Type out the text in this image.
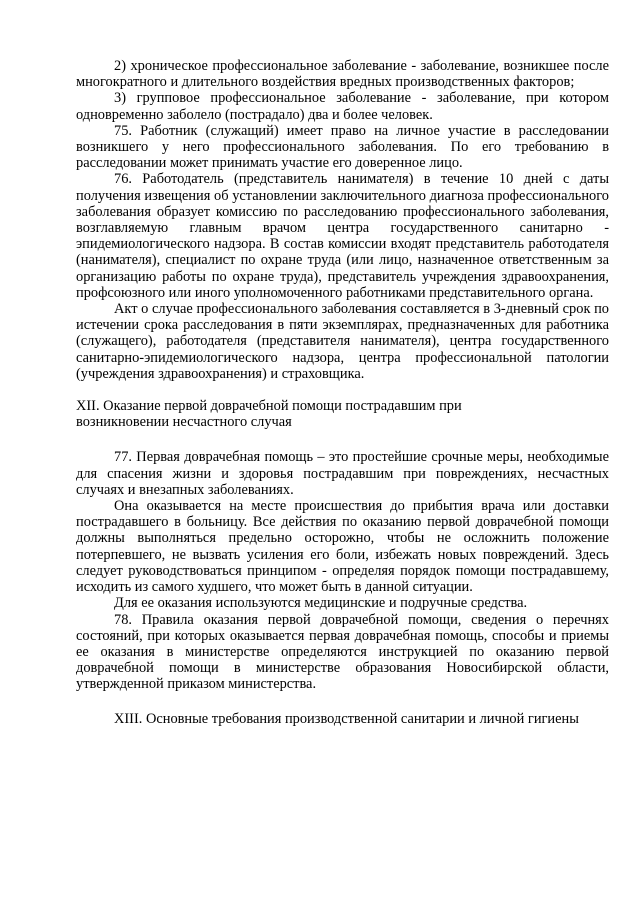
2) хроническое профессиональное заболевание - заболевание, возникшее после многократного и длительного воздействия вредных производственных факторов;

3) групповое профессиональное заболевание - заболевание, при котором одновременно заболело (пострадало) два и более человек.

75. Работник (служащий) имеет право на личное участие в расследовании возникшего у него профессионального заболевания. По его требованию в расследовании может принимать участие его доверенное лицо.

76. Работодатель (представитель нанимателя) в течение 10 дней с даты получения извещения об установлении заключительного диагноза профессионального заболевания образует комиссию по расследованию профессионального заболевания, возглавляемую главным врачом центра государственного санитарно - эпидемиологического надзора. В состав комиссии входят представитель работодателя (нанимателя), специалист по охране труда (или лицо, назначенное ответственным за организацию работы по охране труда), представитель учреждения здравоохранения, профсоюзного или иного уполномоченного работниками представительного органа.

Акт о случае профессионального заболевания составляется в 3-дневный срок по истечении срока расследования в пяти экземплярах, предназначенных для работника (служащего), работодателя (представителя нанимателя), центра государственного санитарно-эпидемиологического надзора, центра профессиональной патологии (учреждения здравоохранения) и страховщика.

XII. Оказание первой доврачебной помощи пострадавшим при
возникновении несчастного случая

77. Первая доврачебная помощь – это простейшие срочные меры, необходимые для спасения жизни и здоровья пострадавшим при повреждениях, несчастных случаях и внезапных заболеваниях.

Она оказывается на месте происшествия до прибытия врача или доставки пострадавшего в больницу. Все действия по оказанию первой доврачебной помощи должны выполняться предельно осторожно, чтобы не осложнить положение потерпевшего, не вызвать усиления его боли, избежать новых повреждений. Здесь следует руководствоваться принципом - определяя порядок помощи пострадавшему, исходить из самого худшего, что может быть в данной ситуации.

Для ее оказания используются медицинские и подручные средства.

78. Правила оказания первой доврачебной помощи, сведения о перечнях состояний, при которых оказывается первая доврачебная помощь, способы и приемы ее оказания в министерстве определяются инструкцией по оказанию первой доврачебной помощи в министерстве образования Новосибирской области, утвержденной приказом министерства.

XIII. Основные требования производственной санитарии и личной гигиены
